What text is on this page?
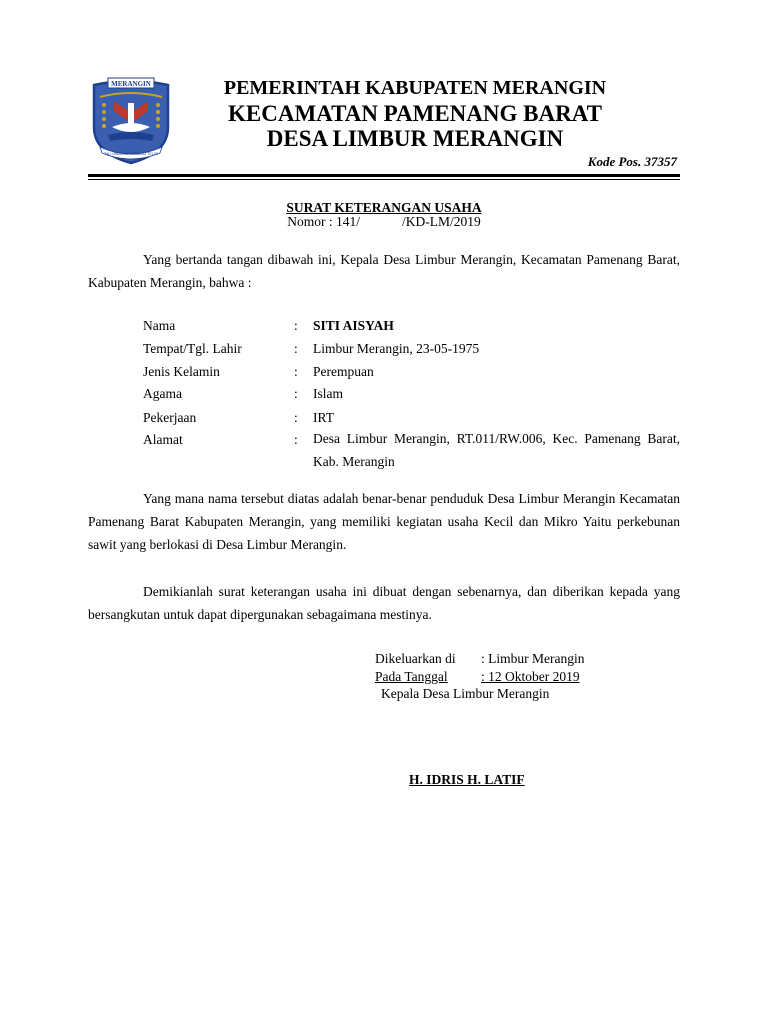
MERANGIN
TALI UNDANG TAMBANG TELITI
PEMERINTAH KABUPATEN MERANGIN
KECAMATAN PAMENANG BARAT
DESA LIMBUR MERANGIN
Kode Pos. 37357
SURAT KETERANGAN USAHA
Nomor : 141/	/KD-LM/2019
Yang bertanda tangan dibawah ini, Kepala Desa Limbur Merangin, Kecamatan Pamenang Barat, Kabupaten Merangin, bahwa :
Nama	: SITI AISYAH
Tempat/Tgl. Lahir	: Limbur Merangin, 23-05-1975
Jenis Kelamin	: Perempuan
Agama	: Islam
Pekerjaan	: IRT
Alamat	: Desa Limbur Merangin, RT.011/RW.006, Kec. Pamenang Barat, Kab. Merangin
Yang mana nama tersebut diatas adalah benar-benar penduduk Desa Limbur Merangin Kecamatan Pamenang Barat Kabupaten Merangin, yang memiliki kegiatan usaha Kecil dan Mikro Yaitu perkebunan sawit yang berlokasi di Desa Limbur Merangin.
Demikianlah surat keterangan usaha ini dibuat dengan sebenarnya, dan diberikan kepada yang bersangkutan untuk dapat dipergunakan sebagaimana mestinya.
Dikeluarkan di : Limbur Merangin
Pada Tanggal	: 12 Oktober 2019
Kepala Desa Limbur Merangin
H. IDRIS H. LATIF
